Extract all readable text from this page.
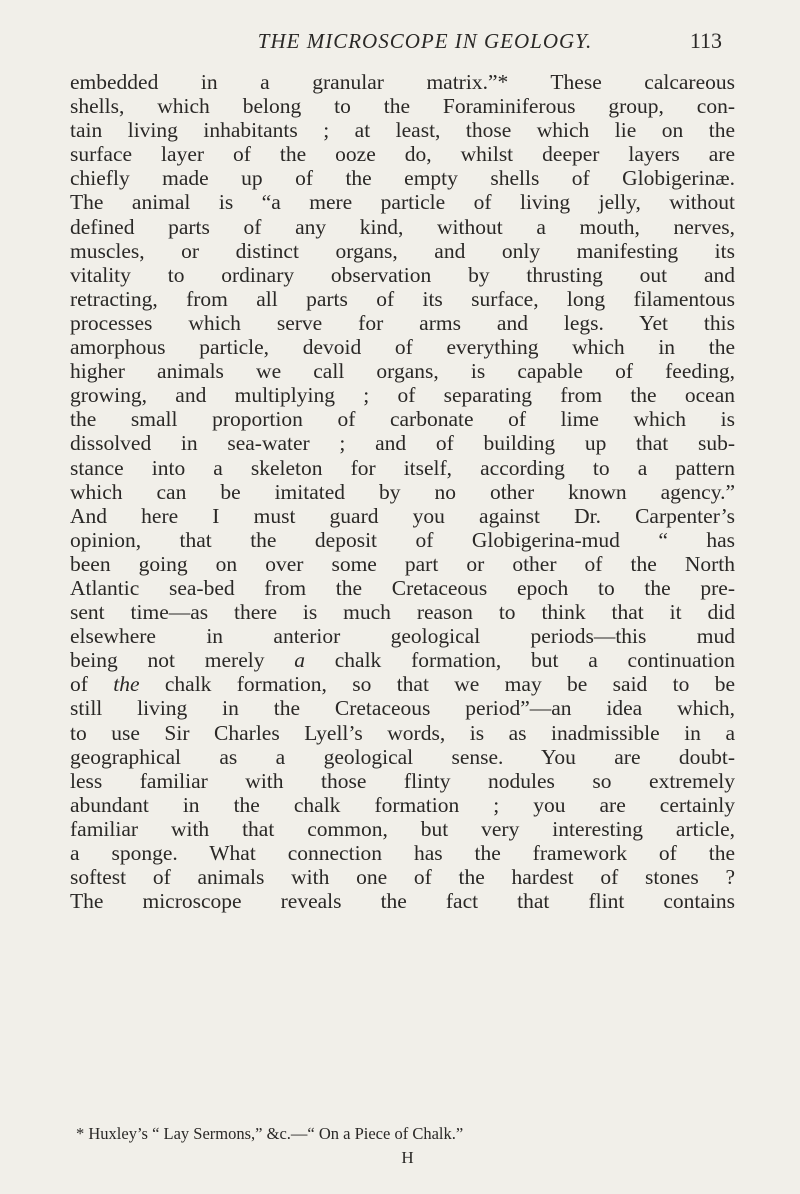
THE MICROSCOPE IN GEOLOGY.	113
embedded in a granular matrix.”* These calcareous
shells, which belong to the Foraminiferous group, con-
tain living inhabitants ; at least, those which lie on the
surface layer of the ooze do, whilst deeper layers are
chiefly made up of the empty shells of Globigerinæ.
The animal is “a mere particle of living jelly, without
defined parts of any kind, without a mouth, nerves,
muscles, or distinct organs, and only manifesting its
vitality to ordinary observation by thrusting out and
retracting, from all parts of its surface, long filamentous
processes which serve for arms and legs. Yet this
amorphous particle, devoid of everything which in the
higher animals we call organs, is capable of feeding,
growing, and multiplying ; of separating from the ocean
the small proportion of carbonate of lime which is
dissolved in sea-water ; and of building up that sub-
stance into a skeleton for itself, according to a pattern
which can be imitated by no other known agency.”
And here I must guard you against Dr. Carpenter’s
opinion, that the deposit of Globigerina-mud “ has
been going on over some part or other of the North
Atlantic sea-bed from the Cretaceous epoch to the pre-
sent time—as there is much reason to think that it did
elsewhere in anterior geological periods—this mud
being not merely a chalk formation, but a continuation
of the chalk formation, so that we may be said to be
still living in the Cretaceous period”—an idea which,
to use Sir Charles Lyell’s words, is as inadmissible in a
geographical as a geological sense. You are doubt-
less familiar with those flinty nodules so extremely
abundant in the chalk formation ; you are certainly
familiar with that common, but very interesting article,
a sponge. What connection has the framework of the
softest of animals with one of the hardest of stones ?
The microscope reveals the fact that flint contains
* Huxley’s “ Lay Sermons,” &c.—“ On a Piece of Chalk.”
H
